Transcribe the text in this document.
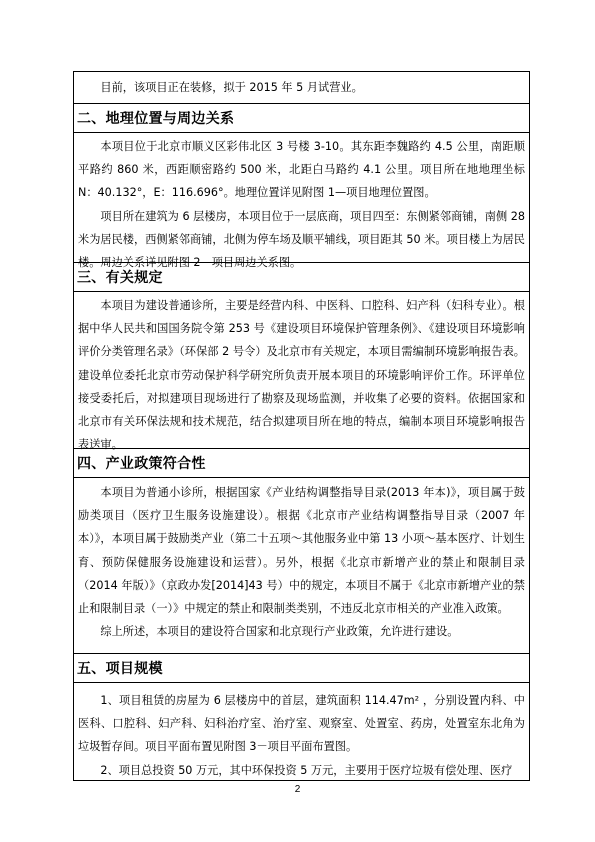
目前，该项目正在装修，拟于 2015 年 5 月试营业。

二、地理位置与周边关系

本项目位于北京市顺义区彩伟北区 3 号楼 3-10。其东距李魏路约 4.5 公里，南距顺平路约 860 米，西距顺密路约 500 米，北距白马路约 4.1 公里。项目所在地地理坐标 N：40.132°，E：116.696°。地理位置详见附图 1—项目地理位置图。

项目所在建筑为 6 层楼房，本项目位于一层底商，项目四至：东侧紧邻商铺，南侧 28 米为居民楼，西侧紧邻商铺，北侧为停车场及顺平辅线，项目距其 50 米。项目楼上为居民楼。周边关系详见附图 2—项目周边关系图。

三、有关规定

本项目为建设普通诊所，主要是经营内科、中医科、口腔科、妇产科（妇科专业）。根据中华人民共和国国务院令第 253 号《建设项目环境保护管理条例》、《建设项目环境影响评价分类管理名录》（环保部 2 号令）及北京市有关规定，本项目需编制环境影响报告表。建设单位委托北京市劳动保护科学研究所负责开展本项目的环境影响评价工作。环评单位接受委托后，对拟建项目现场进行了勘察及现场监测，并收集了必要的资料。依据国家和北京市有关环保法规和技术规范，结合拟建项目所在地的特点，编制本项目环境影响报告表送审。

四、产业政策符合性

本项目为普通小诊所，根据国家《产业结构调整指导目录(2013 年本)》，项目属于鼓励类项目（医疗卫生服务设施建设）。根据《北京市产业结构调整指导目录（2007 年本）》，本项目属于鼓励类产业（第二十五项～其他服务业中第 13 小项～基本医疗、计划生育、预防保健服务设施建设和运营）。另外，根据《北京市新增产业的禁止和限制目录（2014 年版）》（京政办发[2014]43 号）中的规定，本项目不属于《北京市新增产业的禁止和限制目录（一）》中规定的禁止和限制类类别，不违反北京市相关的产业准入政策。

综上所述，本项目的建设符合国家和北京现行产业政策，允许进行建设。

五、项目规模

1、项目租赁的房屋为 6 层楼房中的首层，建筑面积 114.47m² ，分别设置内科、中医科、口腔科、妇产科、妇科治疗室、治疗室、观察室、处置室、药房，处置室东北角为垃圾暂存间。项目平面布置见附图 3－项目平面布置图。

2、项目总投资 50 万元，其中环保投资 5 万元，主要用于医疗垃圾有偿处理、医疗

2
